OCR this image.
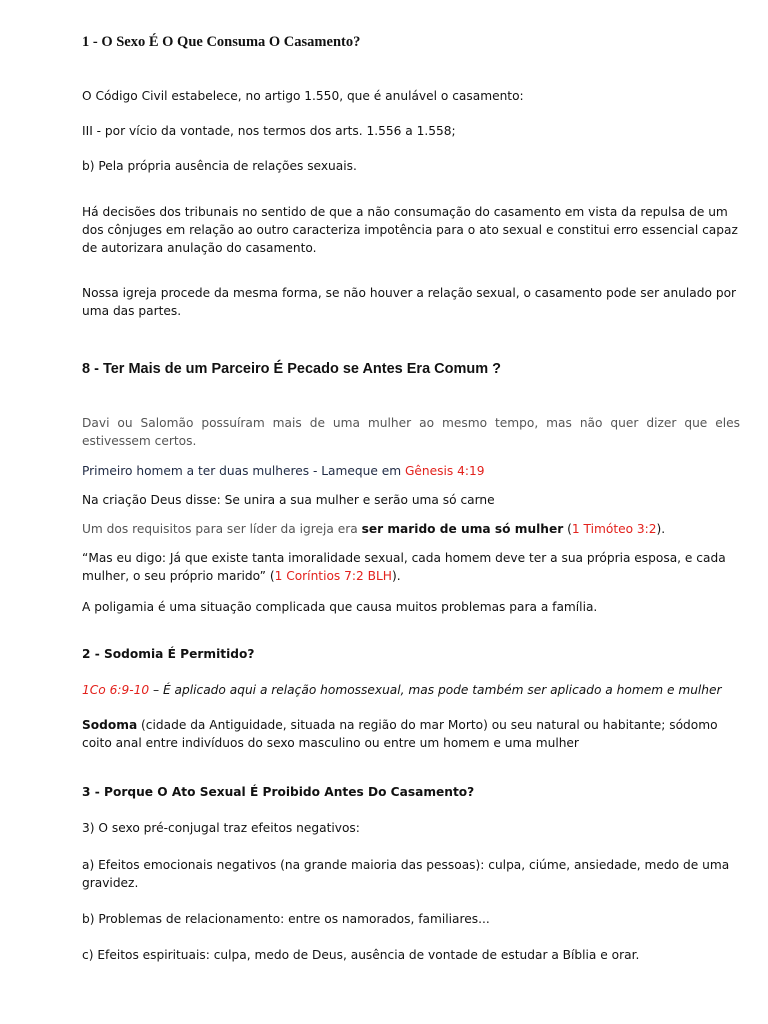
1 - O Sexo É O Que Consuma O Casamento?

O Código Civil estabelece, no artigo 1.550, que é anulável o casamento:

III - por vício da vontade, nos termos dos arts. 1.556 a 1.558;

b) Pela própria ausência de relações sexuais.

Há decisões dos tribunais no sentido de que a não consumação do casamento em vista da repulsa de um dos cônjuges em relação ao outro caracteriza impotência para o ato sexual e constitui erro essencial capaz de autorizara anulação do casamento.

Nossa igreja procede da mesma forma, se não houver a relação sexual, o casamento pode ser anulado por uma das partes.

8 - Ter Mais de um Parceiro É Pecado se Antes Era Comum ?

Davi ou Salomão possuíram mais de uma mulher ao mesmo tempo, mas não quer dizer que eles estivessem certos.

Primeiro homem a ter duas mulheres - Lameque em Gênesis 4:19

Na criação Deus disse: Se unira a sua mulher e serão uma só carne

Um dos requisitos para ser líder da igreja era ser marido de uma só mulher (1 Timóteo 3:2).

“Mas eu digo: Já que existe tanta imoralidade sexual, cada homem deve ter a sua própria esposa, e cada mulher, o seu próprio marido” (1 Coríntios 7:2 BLH).

A poligamia é uma situação complicada que causa muitos problemas para a família.

2 - Sodomia É Permitido?

1Co 6:9-10 – É aplicado aqui a relação homossexual, mas pode também ser aplicado a homem e mulher

Sodoma (cidade da Antiguidade, situada na região do mar Morto) ou seu natural ou habitante; sódomo coito anal entre indivíduos do sexo masculino ou entre um homem e uma mulher

3 - Porque O Ato Sexual É Proibido Antes Do Casamento?

3) O sexo pré-conjugal traz efeitos negativos:

a) Efeitos emocionais negativos (na grande maioria das pessoas): culpa, ciúme, ansiedade, medo de uma gravidez.

b) Problemas de relacionamento: entre os namorados, familiares...

c) Efeitos espirituais: culpa, medo de Deus, ausência de vontade de estudar a Bíblia e orar.
